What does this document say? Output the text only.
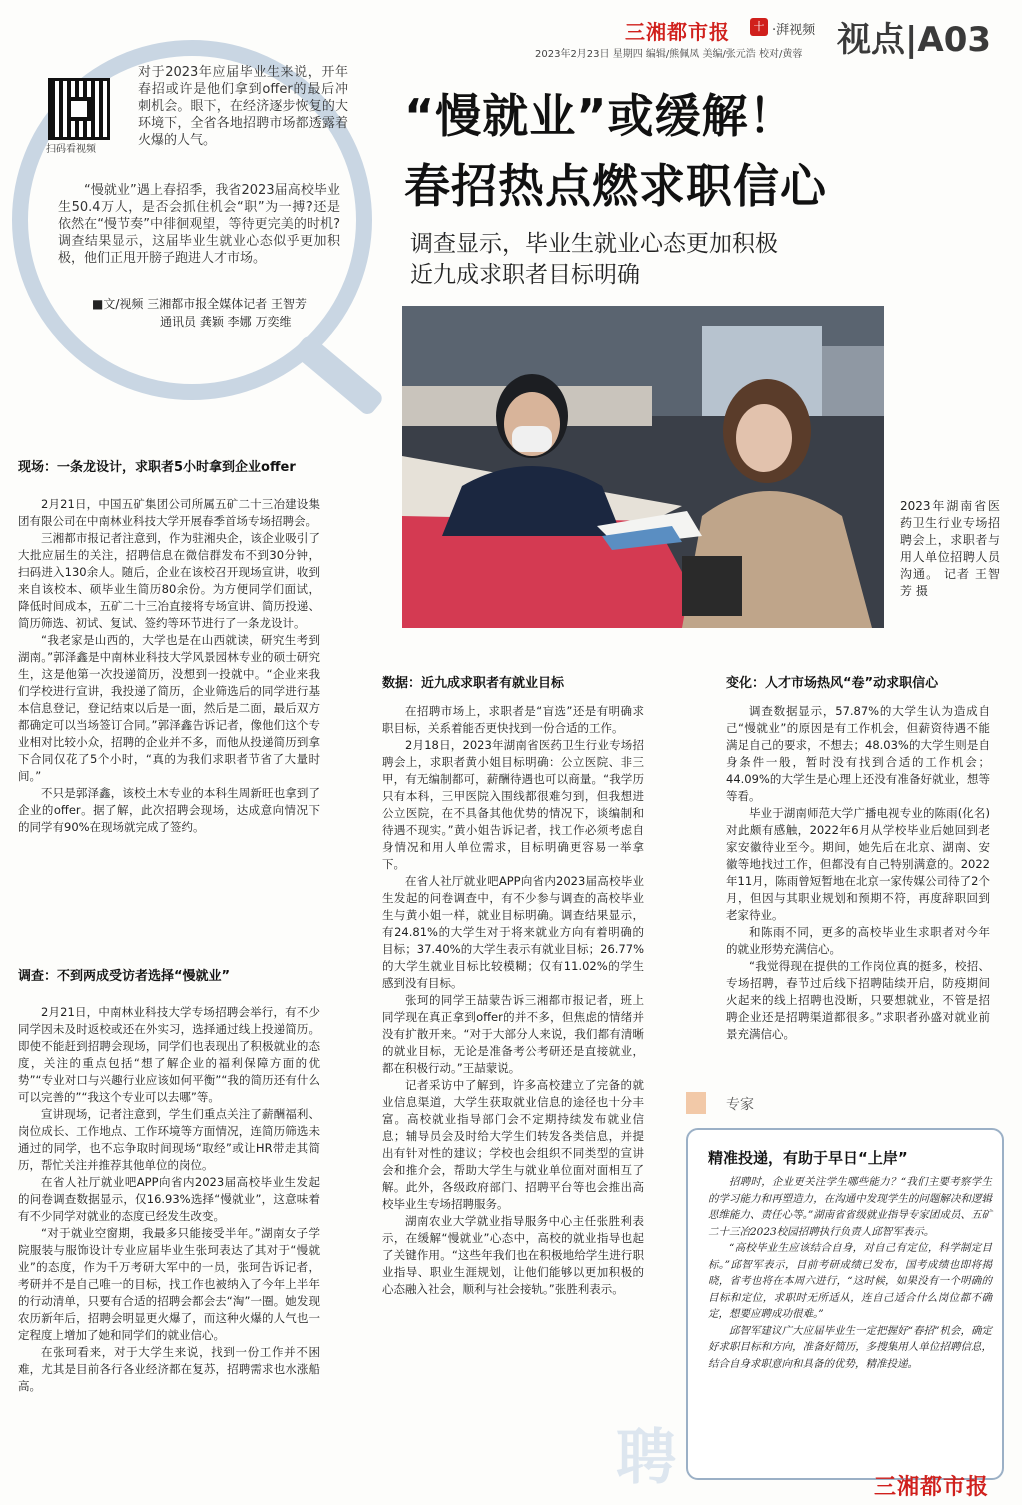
三湘都市报	十 ·湃视频 视点|A03
2023年2月23日 星期四 编辑/熊佩凤 美编/张元浩 校对/黄蓉
扫码看视频
对于2023年应届毕业生来说，开年春招或许是他们拿到offer的最后冲刺机会。眼下，在经济逐步恢复的大环境下，全省各地招聘市场都透露着火爆的人气。
“慢就业”遇上春招季，我省2023届高校毕业生50.4万人，是否会抓住机会“职”为一搏?还是依然在“慢节奏”中徘徊观望，等待更完美的时机?调查结果显示，这届毕业生就业心态似乎更加积极，他们正甩开膀子跑进人才市场。
■文/视频 三湘都市报全媒体记者 王智芳
通讯员 龚颖 李娜 万奕维
“慢就业”或缓解！
春招热点燃求职信心
调查显示，毕业生就业心态更加积极
近九成求职者目标明确
2023年湖南省医药卫生行业专场招聘会上，求职者与用人单位招聘人员沟通。 记者 王智芳 摄
现场：一条龙设计，求职者5小时拿到企业offer

2月21日，中国五矿集团公司所属五矿二十三冶建设集团有限公司在中南林业科技大学开展春季首场专场招聘会。

三湘都市报记者注意到，作为驻湘央企，该企业吸引了大批应届生的关注，招聘信息在微信群发布不到30分钟，扫码进入130余人。随后，企业在该校召开现场宣讲，收到来自该校本、硕毕业生简历80余份。为方便同学们面试，降低时间成本，五矿二十三冶直接将专场宣讲、简历投递、简历筛选、初试、复试、签约等环节进行了一条龙设计。

“我老家是山西的，大学也是在山西就读，研究生考到湖南。”郭泽鑫是中南林业科技大学风景园林专业的硕士研究生，这是他第一次投递简历，没想到一投就中。“企业来我们学校进行宣讲，我投递了简历，企业筛选后的同学进行基本信息登记，登记结束以后是一面，然后是二面，最后双方都确定可以当场签订合同。”郭泽鑫告诉记者，像他们这个专业相对比较小众，招聘的企业并不多，而他从投递简历到拿下合同仅花了5个小时，“真的为我们求职者节省了大量时间。”

不只是郭泽鑫，该校土木专业的本科生周新旺也拿到了企业的offer。据了解，此次招聘会现场，达成意向情况下的同学有90%在现场就完成了签约。

调查：不到两成受访者选择“慢就业”

2月21日，中南林业科技大学专场招聘会举行，有不少同学因未及时返校或还在外实习，选择通过线上投递简历。即使不能赶到招聘会现场，同学们也表现出了积极就业的态度，关注的重点包括“想了解企业的福利保障方面的优势”“专业对口与兴趣行业应该如何平衡”“我的简历还有什么可以完善的”“我这个专业可以去哪”等。

宣讲现场，记者注意到，学生们重点关注了薪酬福利、岗位成长、工作地点、工作环境等方面情况，连简历筛选未通过的同学，也不忘争取时间现场“取经”或让HR带走其简历，帮忙关注并推荐其他单位的岗位。

在省人社厅就业吧APP向省内2023届高校毕业生发起的问卷调查数据显示，仅16.93%选择“慢就业”，这意味着有不少同学对就业的态度已经发生改变。

“对于就业空窗期，我最多只能接受半年。”湖南女子学院服装与服饰设计专业应届毕业生张珂表达了其对于“慢就业”的态度，作为千万考研大军中的一员，张珂告诉记者，考研并不是自己唯一的目标，找工作也被纳入了今年上半年的行动清单，只要有合适的招聘会都会去“淘”一圈。她发现农历新年后，招聘会明显更火爆了，而这种火爆的人气也一定程度上增加了她和同学们的就业信心。

在张珂看来，对于大学生来说，找到一份工作并不困难，尤其是目前各行各业经济都在复苏，招聘需求也水涨船高。

数据：近九成求职者有就业目标

在招聘市场上，求职者是“盲选”还是有明确求职目标，关系着能否更快找到一份合适的工作。

2月18日，2023年湖南省医药卫生行业专场招聘会上，求职者黄小姐目标明确：公立医院、非三甲，有无编制都可，薪酬待遇也可以商量。“我学历只有本科，三甲医院入围线都很难匀到，但我想进公立医院，在不具备其他优势的情况下，谈编制和待遇不现实。”黄小姐告诉记者，找工作必须考虑自身情况和用人单位需求，目标明确更容易一举拿下。

在省人社厅就业吧APP向省内2023届高校毕业生发起的问卷调查中，有不少参与调查的高校毕业生与黄小姐一样，就业目标明确。调查结果显示，有24.81%的大学生对于将来就业方向有着明确的目标；37.40%的大学生表示有就业目标；26.77%的大学生就业目标比较模糊；仅有11.02%的学生感到没有目标。

张珂的同学王喆蒙告诉三湘都市报记者，班上同学现在真正拿到offer的并不多，但焦虑的情绪并没有扩散开来。“对于大部分人来说，我们都有清晰的就业目标，无论是准备考公考研还是直接就业，都在积极行动。”王喆蒙说。

记者采访中了解到，许多高校建立了完备的就业信息渠道，大学生获取就业信息的途径也十分丰富。高校就业指导部门会不定期持续发布就业信息；辅导员会及时给大学生们转发各类信息，并提出有针对性的建议；学校也会组织不同类型的宣讲会和推介会，帮助大学生与就业单位面对面相互了解。此外，各级政府部门、招聘平台等也会推出高校毕业生专场招聘服务。

湖南农业大学就业指导服务中心主任张胜利表示，在缓解“慢就业”心态中，高校的就业指导也起了关键作用。“这些年我们也在积极地给学生进行职业指导、职业生涯规划，让他们能够以更加积极的心态融入社会，顺利与社会接轨。”张胜利表示。

变化：人才市场热风“卷”动求职信心

调查数据显示，57.87%的大学生认为造成自己“慢就业”的原因是有工作机会，但薪资待遇不能满足自己的要求，不想去；48.03%的大学生则是自身条件一般，暂时没有找到合适的工作机会；44.09%的大学生是心理上还没有准备好就业，想等等看。

毕业于湖南师范大学广播电视专业的陈雨(化名)对此颇有感触，2022年6月从学校毕业后她回到老家安徽待业至今。期间，她先后在北京、湖南、安徽等地找过工作，但都没有自己特别满意的。2022年11月，陈雨曾短暂地在北京一家传媒公司待了2个月，但因与其职业规划和预期不符，再度辞职回到老家待业。

和陈雨不同，更多的高校毕业生求职者对今年的就业形势充满信心。

“我觉得现在提供的工作岗位真的挺多，校招、专场招聘，春节过后线下招聘陆续开启，防疫期间火起来的线上招聘也没断，只要想就业，不管是招聘企业还是招聘渠道都很多。”求职者孙盛对就业前景充满信心。

聘
专家
精准投递，有助于早日“上岸”

招聘时，企业更关注学生哪些能力？“我们主要考察学生的学习能力和再塑造力，在沟通中发现学生的问题解决和逻辑思维能力、责任心等。”湖南省省级就业指导专家团成员、五矿二十三冶2023校园招聘执行负责人邱智军表示。

“高校毕业生应该结合自身，对自己有定位，科学制定目标。”邱智军表示，目前考研成绩已发布，国考成绩也即将揭晓，省考也将在本周六进行，“这时候，如果没有一个明确的目标和定位，求职时无所适从，连自己适合什么岗位都不确定，想要应聘成功很难。”

邱智军建议广大应届毕业生一定把握好“春招”机会，确定好求职目标和方向，准备好简历，多搜集用人单位招聘信息，结合自身求职意向和具备的优势，精准投递。

三湘都市报
